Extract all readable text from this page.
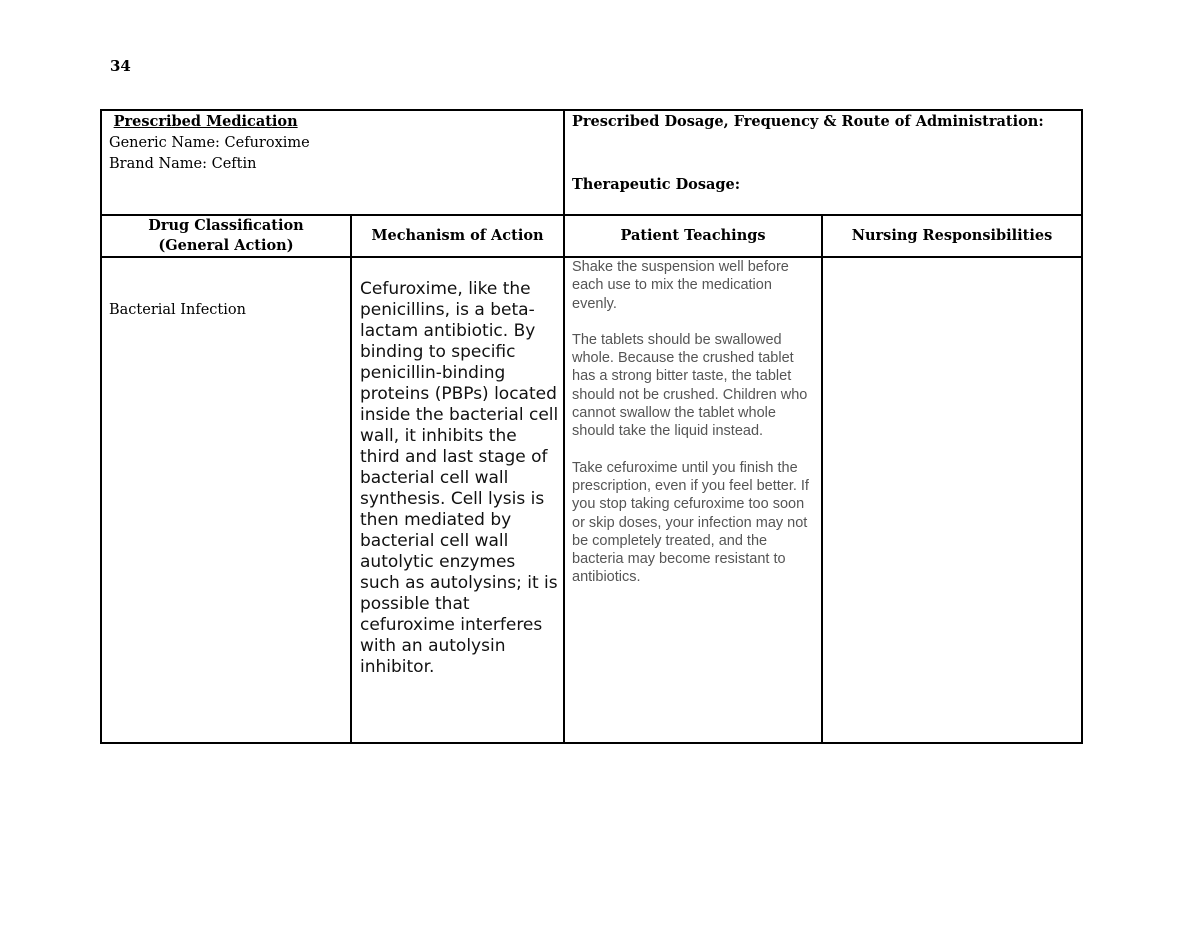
34
Prescribed Medication
Generic Name: Cefuroxime
Brand Name: Ceftin
Prescribed Dosage, Frequency & Route of Administration:
Therapeutic Dosage:
Drug Classification
(General Action)
Mechanism of Action	Patient Teachings	Nursing Responsibilities
Bacterial Infection
Cefuroxime, like the penicillins, is a beta-lactam antibiotic. By binding to specific penicillin-binding proteins (PBPs) located inside the bacterial cell wall, it inhibits the third and last stage of bacterial cell wall synthesis. Cell lysis is then mediated by bacterial cell wall autolytic enzymes such as autolysins; it is possible that cefuroxime interferes with an autolysin inhibitor.

Shake the suspension well before each use to mix the medication evenly.

The tablets should be swallowed whole. Because the crushed tablet has a strong bitter taste, the tablet should not be crushed. Children who cannot swallow the tablet whole should take the liquid instead.

Take cefuroxime until you finish the prescription, even if you feel better. If you stop taking cefuroxime too soon or skip doses, your infection may not be completely treated, and the bacteria may become resistant to antibiotics.
